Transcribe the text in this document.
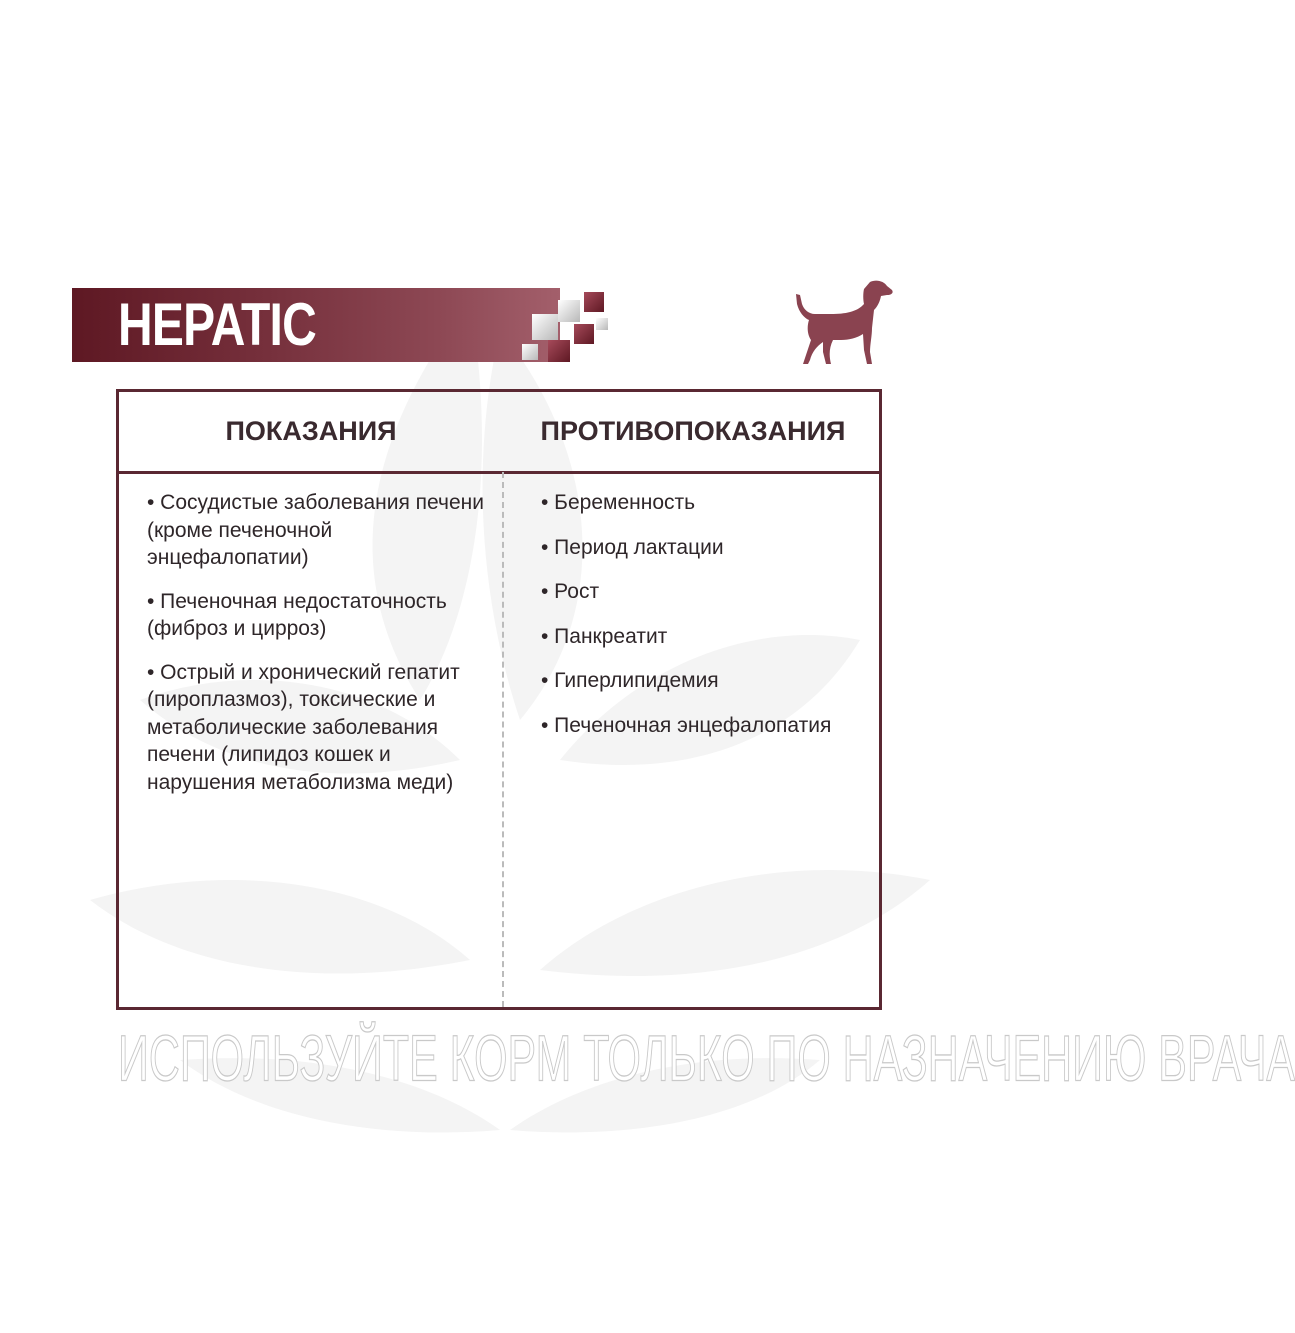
HEPATIC
ПОКАЗАНИЯ	ПРОТИВОПОКАЗАНИЯ
• Сосудистые заболевания печени (кроме печеночной энцефалопатии)
• Печеночная недостаточность (фиброз и цирроз)
• Острый и хронический гепатит (пироплазмоз), токсические и метаболические заболевания печени (липидоз кошек и нарушения метаболизма меди)
• Беременность
• Период лактации
• Рост
• Панкреатит
• Гиперлипидемия
• Печеночная энцефалопатия
ИСПОЛЬЗУЙТЕ КОРМ ТОЛЬКО ПО НАЗНАЧЕНИЮ ВРАЧА
